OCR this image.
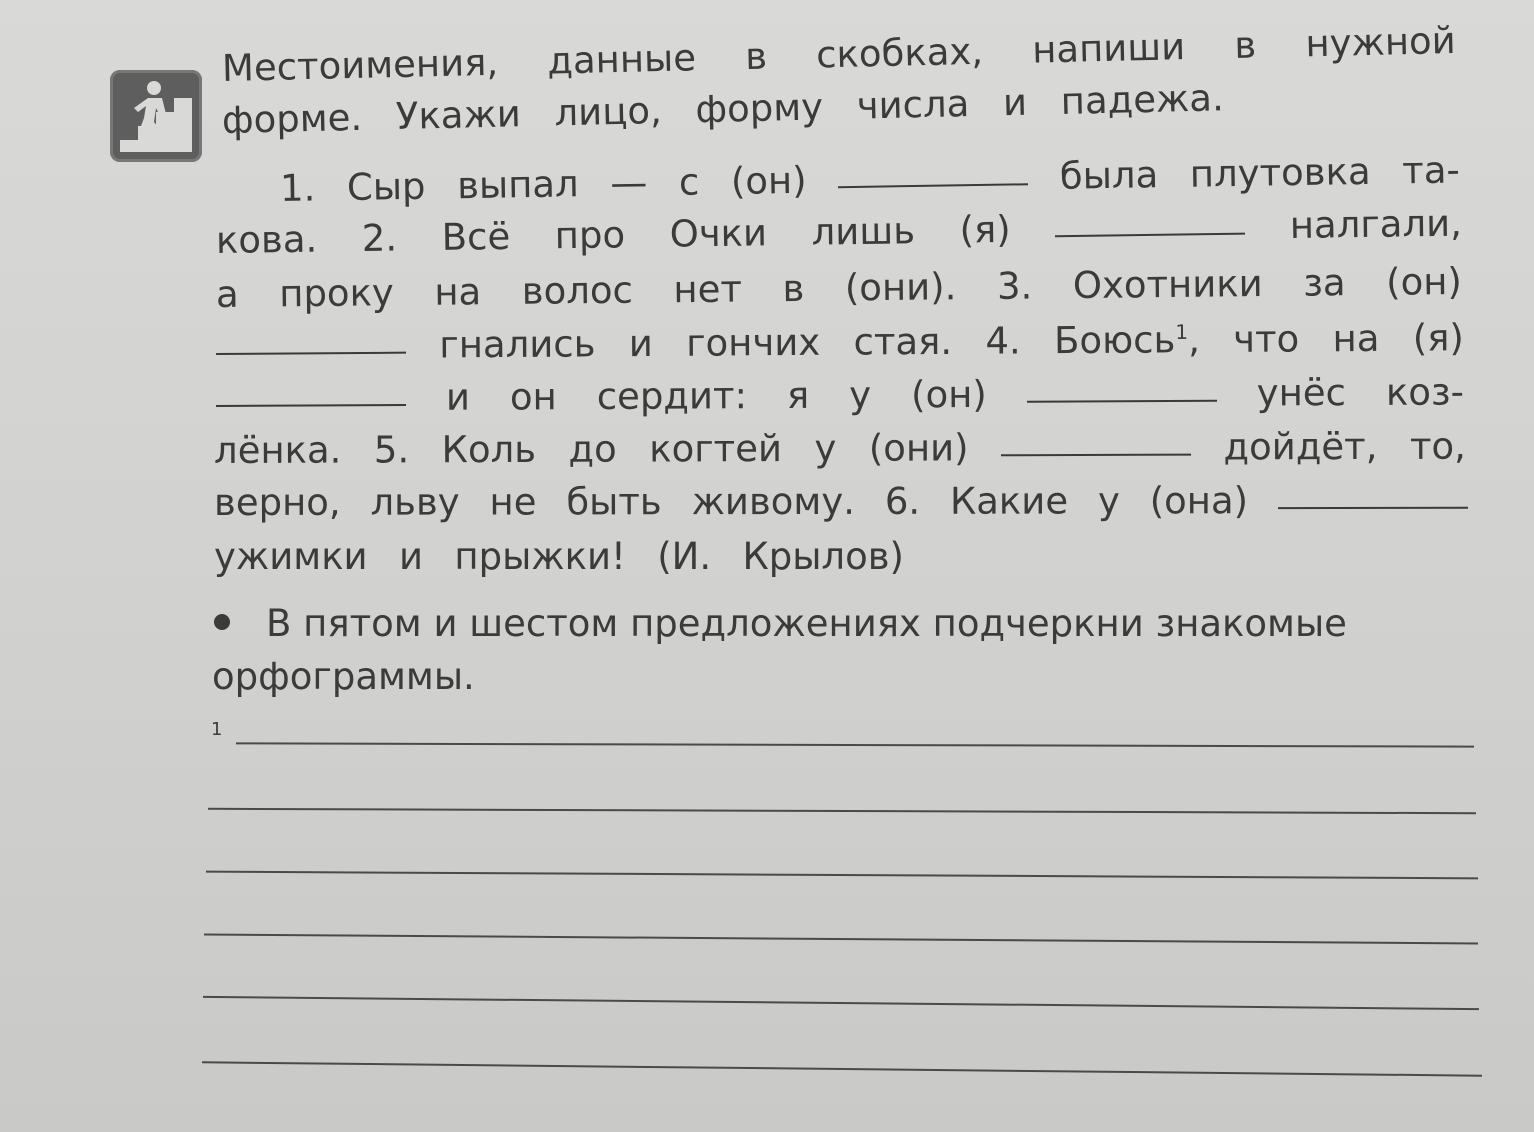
Местоимения, данные в скобках, напиши в нужной
форме. Укажи лицо, форму числа и падежа.
1. Сыр выпал — с (он)	была плутовка та-
кова. 2. Всё про Очки лишь (я)	налгали,
а проку на волос нет в (они). 3. Охотники за (он)
гнались и гончих стая. 4. Боюсь$^1$, что на (я)
и он сердит: я у (он)	унёс коз-
лёнка. 5. Коль до когтей у (они)	дойдёт, то,
верно, льву не быть живому. 6. Какие у (она)
ужимки и прыжки! (И. Крылов)
В пятом и шестом предложениях подчеркни знакомые
орфограммы.
1
